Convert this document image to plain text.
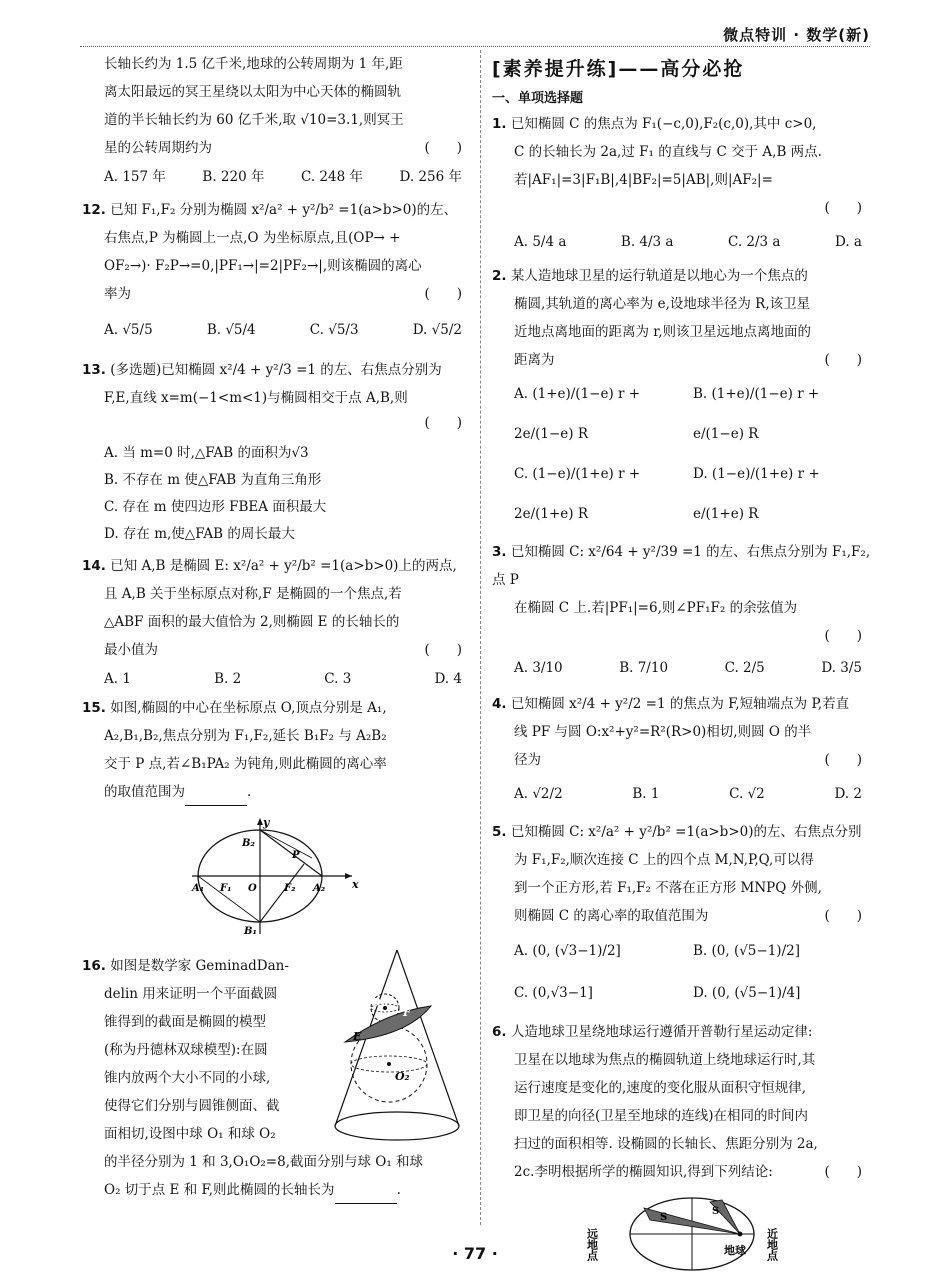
微点特训 · 数学(新)

长轴长约为 1.5 亿千米,地球的公转周期为 1 年,距

离太阳最远的冥王星绕以太阳为中心天体的椭圆轨

道的半长轴长约为 60 亿千米,取 √10=3.1,则冥王

星的公转周期约为	(　　)

A. 157 年	B. 220 年	C. 248 年	D. 256 年

12. 已知 F₁,F₂ 分别为椭圆 x²/a² + y²/b² =1(a>b>0)的左、

右焦点,P 为椭圆上一点,O 为坐标原点,且(OP→ +

OF₂→)· F₂P→=0,|PF₁→|=2|PF₂→|,则该椭圆的离心

率为	(　　)

A. √5/5	B. √5/4	C. √5/3	D. √5/2

13. (多选题)已知椭圆 x²/4 + y²/3 =1 的左、右焦点分别为

F,E,直线 x=m(−1<m<1)与椭圆相交于点 A,B,则

(　　)

A. 当 m=0 时,△FAB 的面积为√3
B. 不存在 m 使△FAB 为直角三角形
C. 存在 m 使四边形 FBEA 面积最大
D. 存在 m,使△FAB 的周长最大

14. 已知 A,B 是椭圆 E: x²/a² + y²/b² =1(a>b>0)上的两点,

且 A,B 关于坐标原点对称,F 是椭圆的一个焦点,若

△ABF 面积的最大值恰为 2,则椭圆 E 的长轴长的

最小值为	(　　)

A. 1	B. 2	C. 3	D. 4

15. 如图,椭圆的中心在坐标原点 O,顶点分别是 A₁,

A₂,B₁,B₂,焦点分别为 F₁,F₂,延长 B₁F₂ 与 A₂B₂

交于 P 点,若∠B₁PA₂ 为钝角,则此椭圆的离心率

的取值范围为	.

y
x
B₂
B₁
A₁	A₂
F₁	F₂
O
P

16. 如图是数学家 GeminadDan-

delin 用来证明一个平面截圆

锥得到的截面是椭圆的模型

(称为丹德林双球模型):在圆

锥内放两个大小不同的小球,

使得它们分别与圆锥侧面、截

面相切,设图中球 O₁ 和球 O₂

的半径分别为 1 和 3,O₁O₂=8,截面分别与球 O₁ 和球

O₂ 切于点 E 和 F,则此椭圆的长轴长为	.

O₁
O₂
E
F
[素养提升练]——高分必抢
一、单项选择题

1. 已知椭圆 C 的焦点为 F₁(−c,0),F₂(c,0),其中 c>0,

C 的长轴长为 2a,过 F₁ 的直线与 C 交于 A,B 两点.

若|AF₁|=3|F₁B|,4|BF₂|=5|AB|,则|AF₂|=

(　　)

A. 5/4 a	B. 4/3 a	C. 2/3 a	D. a

2. 某人造地球卫星的运行轨道是以地心为一个焦点的

椭圆,其轨道的离心率为 e,设地球半径为 R,该卫星

近地点离地面的距离为 r,则该卫星远地点离地面的

距离为	(　　)

A. (1+e)/(1−e) r + 2e/(1−e) R
B. (1+e)/(1−e) r + e/(1−e) R
C. (1−e)/(1+e) r + 2e/(1+e) R
D. (1−e)/(1+e) r + e/(1+e) R

3. 已知椭圆 C: x²/64 + y²/39 =1 的左、右焦点分别为 F₁,F₂,点 P

在椭圆 C 上.若|PF₁|=6,则∠PF₁F₂ 的余弦值为

(　　)

A. 3/10	B. 7/10	C. 2/5	D. 3/5

4. 已知椭圆 x²/4 + y²/2 =1 的焦点为 F,短轴端点为 P,若直

线 PF 与圆 O:x²+y²=R²(R>0)相切,则圆 O 的半

径为	(　　)

A. √2/2	B. 1	C. √2	D. 2

5. 已知椭圆 C: x²/a² + y²/b² =1(a>b>0)的左、右焦点分别

为 F₁,F₂,顺次连接 C 上的四个点 M,N,P,Q,可以得

到一个正方形,若 F₁,F₂ 不落在正方形 MNPQ 外侧,

则椭圆 C 的离心率的取值范围为	(　　)

A. (0, (√3−1)/2]	B. (0, (√5−1)/2]
C. (0,√3−1]	D. (0, (√5−1)/4]

6. 人造地球卫星绕地球运行遵循开普勒行星运动定律:

卫星在以地球为焦点的椭圆轨道上绕地球运行时,其

运行速度是变化的,速度的变化服从面积守恒规律,

即卫星的向径(卫星至地球的连线)在相同的时间内

扫过的面积相等. 设椭圆的长轴长、焦距分别为 2a,

2c.李明根据所学的椭圆知识,得到下列结论:	(　　)

S
S
远地点	近地点
地球
· 77 ·
